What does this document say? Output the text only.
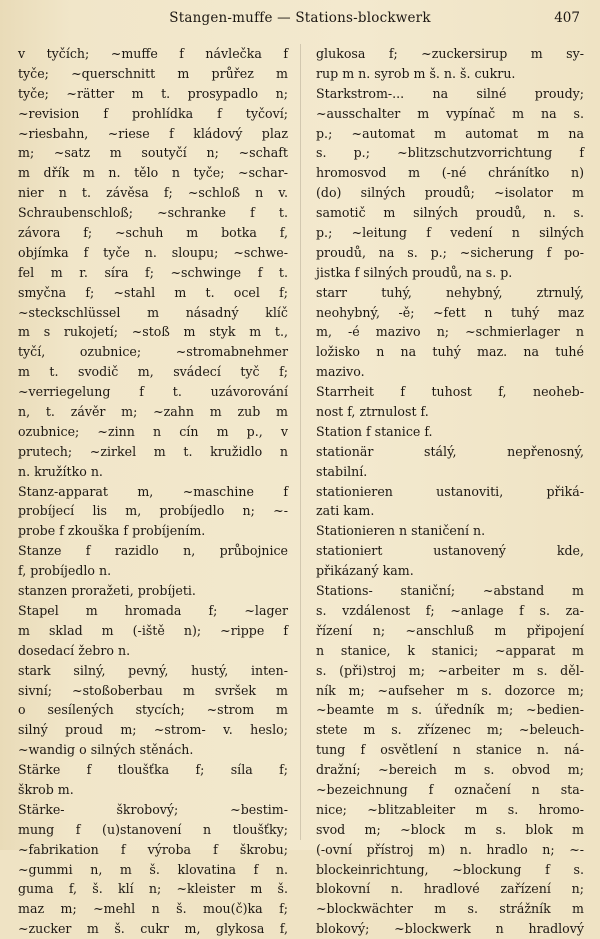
Stangen-muffe — Stations-blockwerk	407
v tyčích; ~muffe f návlečka f
tyče; ~querschnitt m průřez m
tyče; ~rätter m t. prosypadlo n;
~revision f prohlídka f tyčoví;
~riesbahn, ~riese f kládový plaz
m; ~satz m soutyčí n; ~schaft
m dřík m n. tělo n tyče; ~schar-
nier n t. závěsa f; ~schloß n v.
Schraubenschloß; ~schranke f t.
závora f; ~schuh m botka f,
objímka f tyče n. sloupu; ~schwe-
fel m r. síra f; ~schwinge f t.
smyčna f; ~stahl m t. ocel f;
~steckschlüssel m násadný klíč
m s rukojetí; ~stoß m styk m t.,
tyčí, ozubnice; ~stromabnehmer
m t. svodič m, svádecí tyč f;
~verriegelung f t. uzávorování
n, t. závěr m; ~zahn m zub m
ozubnice; ~zinn n cín m p., v
prutech; ~zirkel m t. kružidlo n
n. kružítko n.
Stanz-apparat m, ~maschine f
probíjecí lis m, probíjedlo n; ~-
probe f zkouška f probíjením.
Stanze f razidlo n, průbojnice
f, probíjedlo n.
stanzen proražeti, probíjeti.
Stapel m hromada f; ~lager
m sklad m (-iště n); ~rippe f
dosedací žebro n.
stark silný, pevný, hustý, inten-
sivní; ~stoßoberbau m svršek m
o sesílených stycích; ~strom m
silný proud m; ~strom- v. heslo;
~wandig o silných stěnách.
Stärke f tloušťka f; síla f;
škrob m.
Stärke- škrobový; ~bestim-
mung f (u)stanovení n tloušťky;
~fabrikation f výroba f škrobu;
~gummi n, m š. klovatina f n.
guma f, š. klí n; ~kleister m š.
maz m; ~mehl n š. mou(č)ka f;
~zucker m š. cukr m, glykosa f,
glukosa f; ~zuckersirup m sy-
rup m n. syrob m š. n. š. cukru.
Starkstrom-... na silné proudy;
~ausschalter m vypínač m na s.
p.; ~automat m automat m na
s. p.; ~blitzschutzvorrichtung f
hromosvod m (-né chránítko n)
(do) silných proudů; ~isolator m
samotič m silných proudů, n. s.
p.; ~leitung f vedení n silných
proudů, na s. p.; ~sicherung f po-
jistka f silných proudů, na s. p.
starr tuhý, nehybný, ztrnulý,
neohybný, -ě; ~fett n tuhý maz
m, -é mazivo n; ~schmierlager n
ložisko n na tuhý maz. na tuhé
mazivo.
Starrheit f tuhost f, neoheb-
nost f, ztrnulost f.
Station f stanice f.
stationär stálý, nepřenosný,
stabilní.
stationieren ustanoviti, přiká-
zati kam.
Stationieren n staničení n.
stationiert ustanovený kde,
přikázaný kam.
Stations- staniční; ~abstand m
s. vzdálenost f; ~anlage f s. za-
řízení n; ~anschluß m připojení
n stanice, k stanici; ~apparat m
s. (při)stroj m; ~arbeiter m s. děl-
ník m; ~aufseher m s. dozorce m;
~beamte m s. úředník m; ~bedien-
stete m s. zřízenec m; ~beleuch-
tung f osvětlení n stanice n. ná-
dražní; ~bereich m s. obvod m;
~bezeichnung f označení n sta-
nice; ~blitzableiter m s. hromo-
svod m; ~block m s. blok m
(-ovní přístroj m) n. hradlo n; ~-
blockeinrichtung, ~blockung f s.
blokovní n. hradlové zařízení n;
~blockwächter m s. strážník m
blokový; ~blockwerk n hradlový
